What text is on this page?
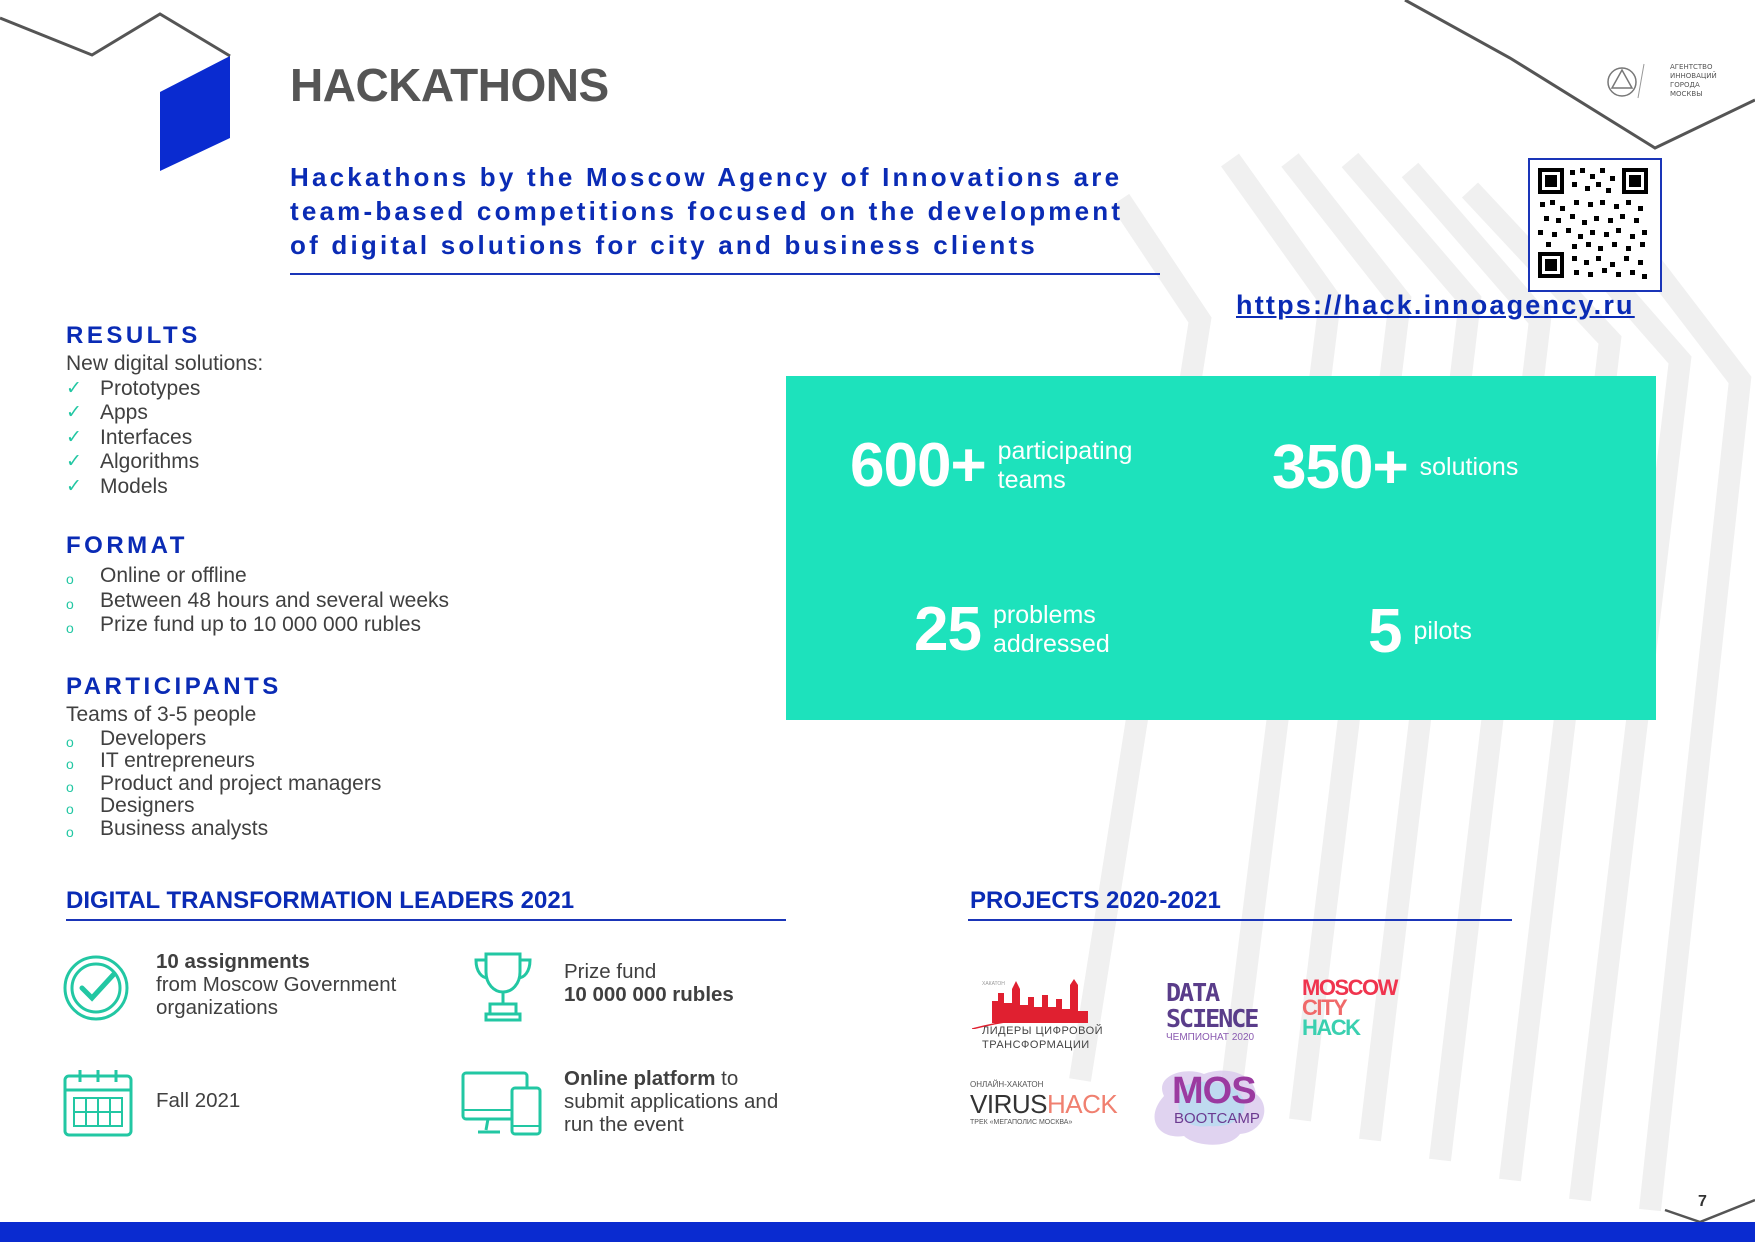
АГЕНТСТВО
ИННОВАЦИЙ
ГОРОДА
МОСКВЫ
HACKATHONS
Hackathons by the Moscow Agency of Innovations are
team-based competitions focused on the development
of digital solutions for city and business clients
https://hack.innoagency.ru
RESULTS
New digital solutions:
✓ Prototypes
✓ Apps
✓ Interfaces
✓ Algorithms
✓ Models
FORMAT
o	Online or offline
o	Between 48 hours and several weeks
o	Prize fund up to 10 000 000 rubles
PARTICIPANTS
Teams of 3-5 people
o	Developers
o	IT entrepreneurs
o	Product and project managers
o	Designers
o	Business analysts
600+ participating
teams	350+ solutions
25 problems
addressed	5 pilots
DIGITAL TRANSFORMATION LEADERS 2021
10 assignments
from Moscow Government
organizations
Prize fund
10 000 000 rubles
Fall 2021
Online platform to
submit applications and
run the event
PROJECTS 2020-2021
ХАКАТОН
ЛИДЕРЫ ЦИФРОВОЙ
ТРАНСФОРМАЦИИ
DATA
SCIENCE
ЧЕМПИОНАТ 2020
MOSCOW
CITY
HACK
ОНЛАЙН-ХАКАТОН
VIRUSHACK
ТРЕК «МЕГАПОЛИС МОСКВА»
MOS
BOOTCAMP
7
